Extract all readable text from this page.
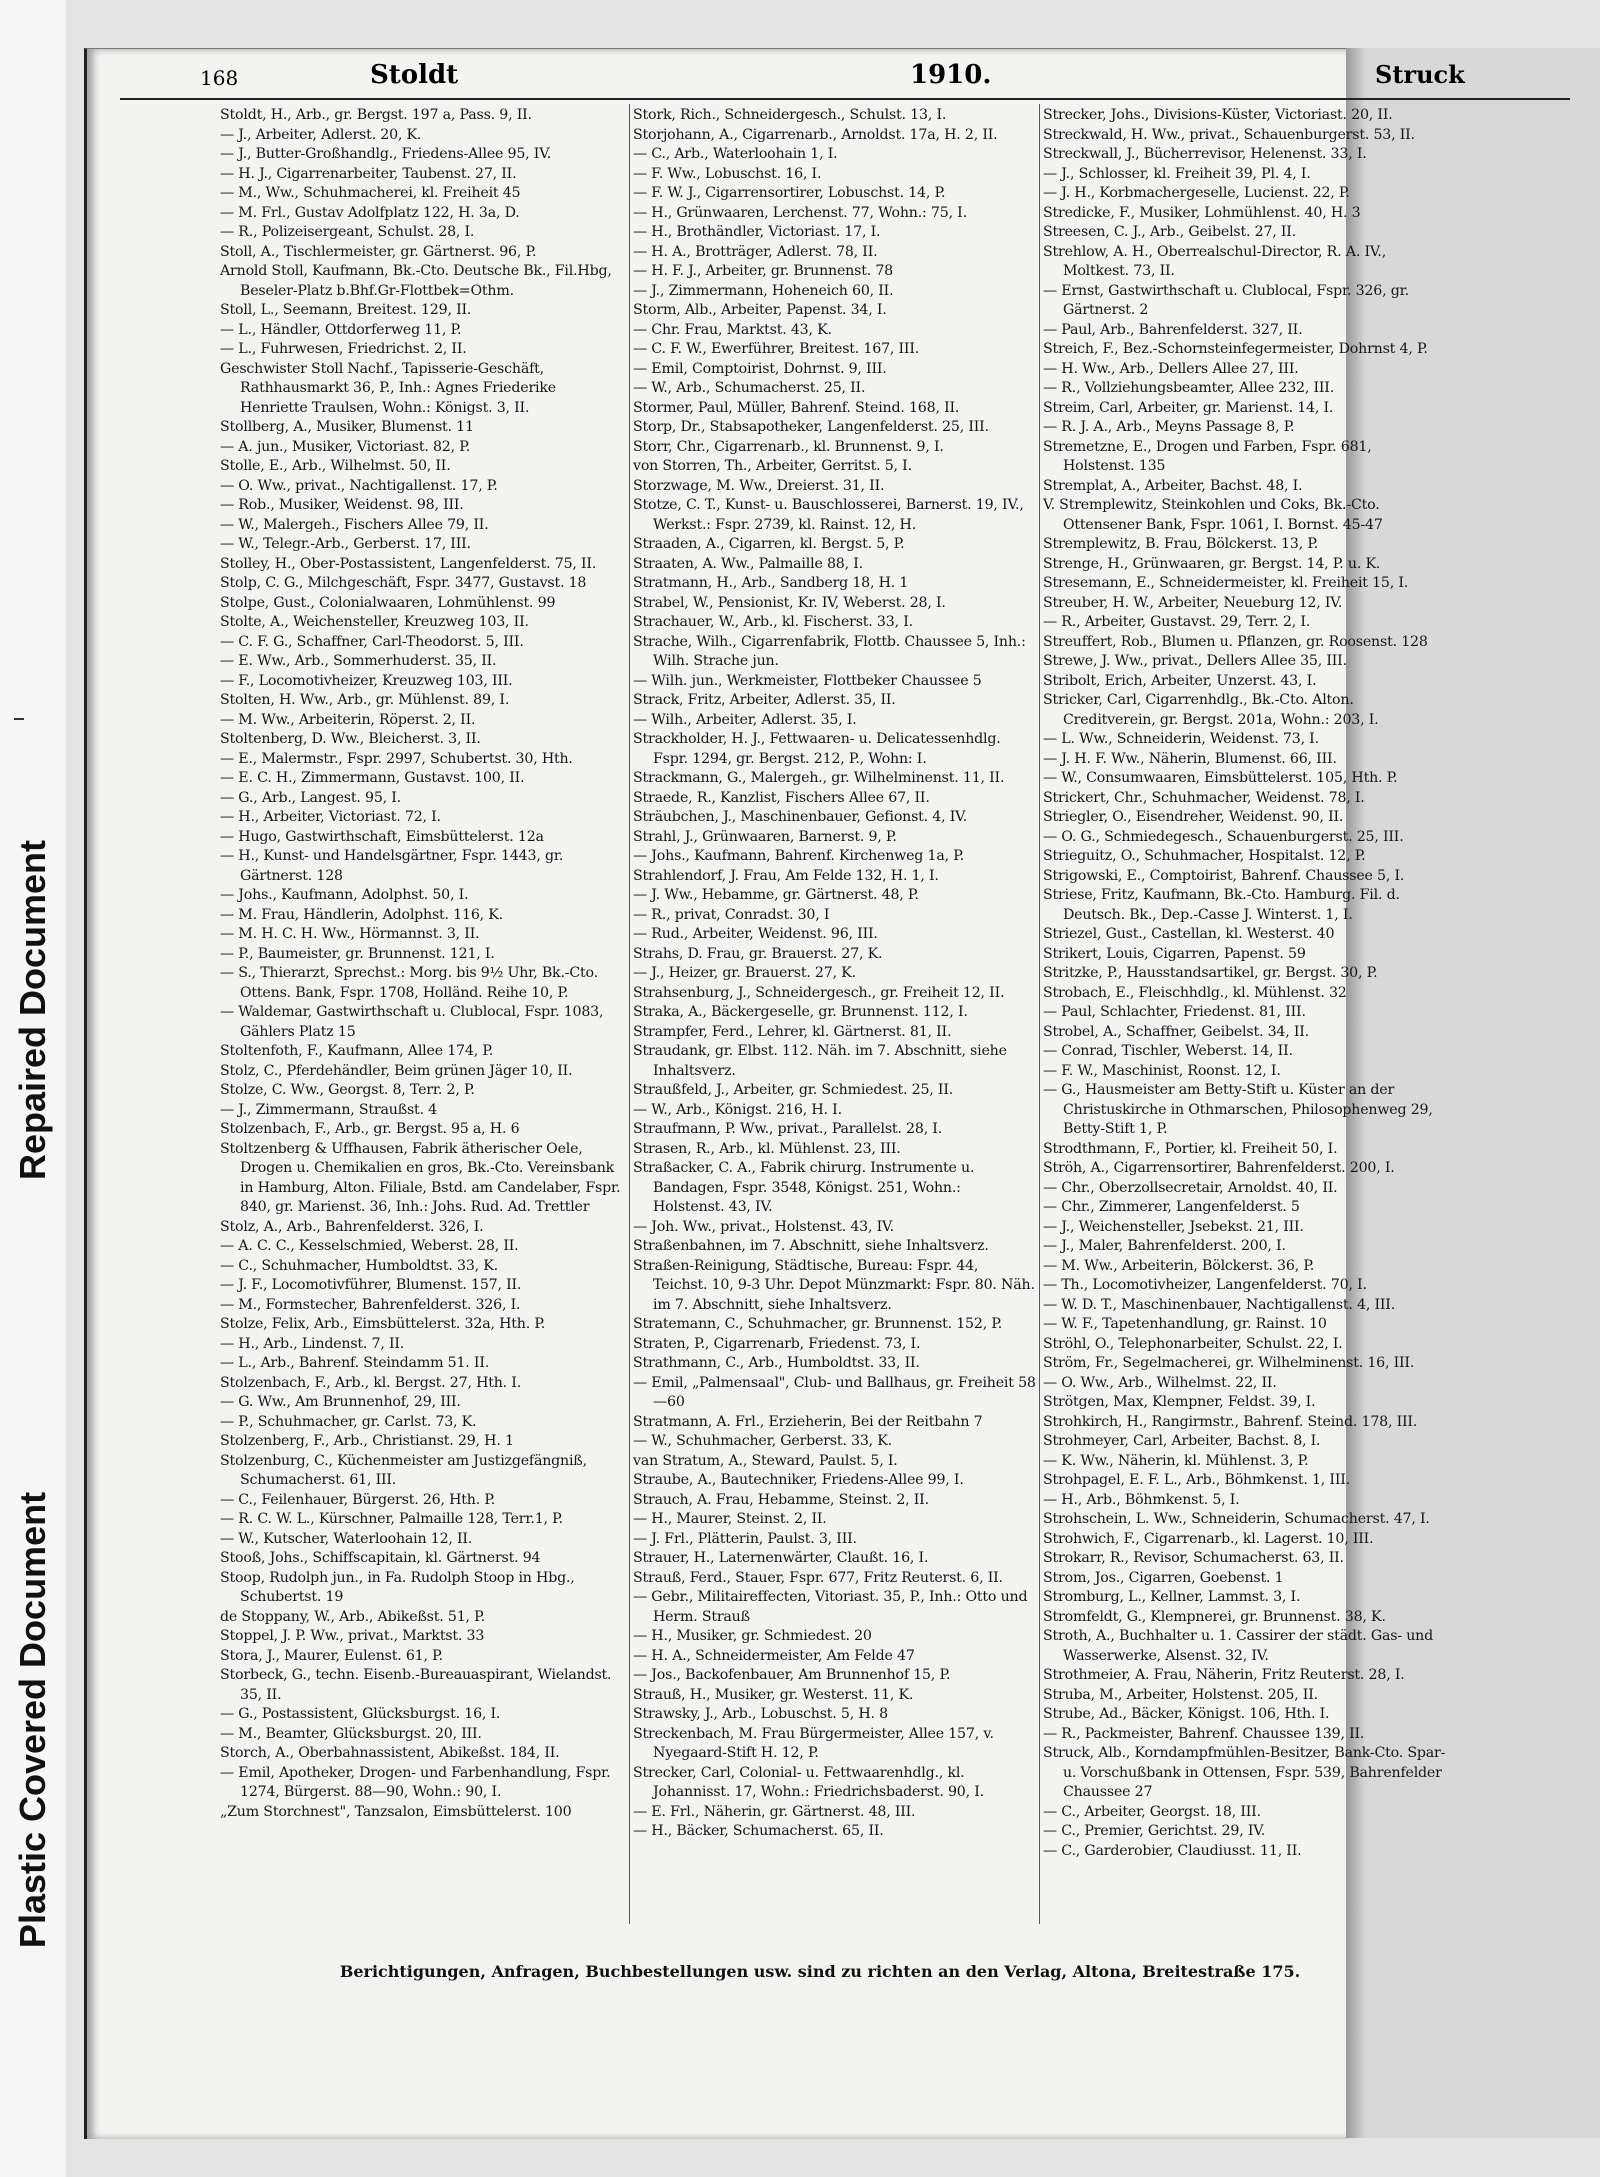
Plastic Covered Document
Repaired Document
168	Stoldt	1910.	Struck
Stoldt, H., Arb., gr. Bergst. 197 a, Pass. 9, II.
— J., Arbeiter, Adlerst. 20, K.
— J., Butter-Großhandlg., Friedens-Allee 95, IV.
— H. J., Cigarrenarbeiter, Taubenst. 27, II.
— M., Ww., Schuhmacherei, kl. Freiheit 45
— M. Frl., Gustav Adolfplatz 122, H. 3a, D.
— R., Polizeisergeant, Schulst. 28, I.
Stoll, A., Tischlermeister, gr. Gärtnerst. 96, P.
Arnold Stoll, Kaufmann, Bk.-Cto. Deutsche Bk., Fil.Hbg, Beseler-Platz b.Bhf.Gr-Flottbek=Othm.
Stoll, L., Seemann, Breitest. 129, II.
— L., Händler, Ottdorferweg 11, P.
— L., Fuhrwesen, Friedrichst. 2, II.
Geschwister Stoll Nachf., Tapisserie-Geschäft, Rathhausmarkt 36, P., Inh.: Agnes Friederike Henriette Traulsen, Wohn.: Königst. 3, II.
Stollberg, A., Musiker, Blumenst. 11
— A. jun., Musiker, Victoriast. 82, P.
Stolle, E., Arb., Wilhelmst. 50, II.
— O. Ww., privat., Nachtigallenst. 17, P.
— Rob., Musiker, Weidenst. 98, III.
— W., Malergeh., Fischers Allee 79, II.
— W., Telegr.-Arb., Gerberst. 17, III.
Stolley, H., Ober-Postassistent, Langenfelderst. 75, II.
Stolp, C. G., Milchgeschäft, Fspr. 3477, Gustavst. 18
Stolpe, Gust., Colonialwaaren, Lohmühlenst. 99
Stolte, A., Weichensteller, Kreuzweg 103, II.
— C. F. G., Schaffner, Carl-Theodorst. 5, III.
— E. Ww., Arb., Sommerhuderst. 35, II.
— F., Locomotivheizer, Kreuzweg 103, III.
Stolten, H. Ww., Arb., gr. Mühlenst. 89, I.
— M. Ww., Arbeiterin, Röperst. 2, II.
Stoltenberg, D. Ww., Bleicherst. 3, II.
— E., Malermstr., Fspr. 2997, Schubertst. 30, Hth.
— E. C. H., Zimmermann, Gustavst. 100, II.
— G., Arb., Langest. 95, I.
— H., Arbeiter, Victoriast. 72, I.
— Hugo, Gastwirthschaft, Eimsbüttelerst. 12a
— H., Kunst- und Handelsgärtner, Fspr. 1443, gr. Gärtnerst. 128
— Johs., Kaufmann, Adolphst. 50, I.
— M. Frau, Händlerin, Adolphst. 116, K.
— M. H. C. H. Ww., Hörmannst. 3, II.
— P., Baumeister, gr. Brunnenst. 121, I.
— S., Thierarzt, Sprechst.: Morg. bis 9½ Uhr, Bk.-Cto. Ottens. Bank, Fspr. 1708, Holländ. Reihe 10, P.
— Waldemar, Gastwirthschaft u. Clublocal, Fspr. 1083, Gählers Platz 15
Stoltenfoth, F., Kaufmann, Allee 174, P.
Stolz, C., Pferdehändler, Beim grünen Jäger 10, II.
Stolze, C. Ww., Georgst. 8, Terr. 2, P.
— J., Zimmermann, Straußst. 4
Stolzenbach, F., Arb., gr. Bergst. 95 a, H. 6
Stoltzenberg & Uffhausen, Fabrik ätherischer Oele, Drogen u. Chemikalien en gros, Bk.-Cto. Vereinsbank in Hamburg, Alton. Filiale, Bstd. am Candelaber, Fspr. 840, gr. Marienst. 36, Inh.: Johs. Rud. Ad. Trettler
Stolz, A., Arb., Bahrenfelderst. 326, I.
— A. C. C., Kesselschmied, Weberst. 28, II.
— C., Schuhmacher, Humboldtst. 33, K.
— J. F., Locomotivführer, Blumenst. 157, II.
— M., Formstecher, Bahrenfelderst. 326, I.
Stolze, Felix, Arb., Eimsbüttelerst. 32a, Hth. P.
— H., Arb., Lindenst. 7, II.
— L., Arb., Bahrenf. Steindamm 51. II.
Stolzenbach, F., Arb., kl. Bergst. 27, Hth. I.
— G. Ww., Am Brunnenhof, 29, III.
— P., Schuhmacher, gr. Carlst. 73, K.
Stolzenberg, F., Arb., Christianst. 29, H. 1
Stolzenburg, C., Küchenmeister am Justizgefängniß, Schumacherst. 61, III.
— C., Feilenhauer, Bürgerst. 26, Hth. P.
— R. C. W. L., Kürschner, Palmaille 128, Terr.1, P.
— W., Kutscher, Waterloohain 12, II.
Stooß, Johs., Schiffscapitain, kl. Gärtnerst. 94
Stoop, Rudolph jun., in Fa. Rudolph Stoop in Hbg., Schubertst. 19
de Stoppany, W., Arb., Abikeßst. 51, P.
Stoppel, J. P. Ww., privat., Marktst. 33
Stora, J., Maurer, Eulenst. 61, P.
Storbeck, G., techn. Eisenb.-Bureauaspirant, Wielandst. 35, II.
— G., Postassistent, Glücksburgst. 16, I.
— M., Beamter, Glücksburgst. 20, III.
Storch, A., Oberbahnassistent, Abikeßst. 184, II.
— Emil, Apotheker, Drogen- und Farbenhandlung, Fspr. 1274, Bürgerst. 88—90, Wohn.: 90, I.
„Zum Storchnest", Tanzsalon, Eimsbüttelerst. 100
Stork, Rich., Schneidergesch., Schulst. 13, I.
Storjohann, A., Cigarrenarb., Arnoldst. 17a, H. 2, II.
— C., Arb., Waterloohain 1, I.
— F. Ww., Lobuschst. 16, I.
— F. W. J., Cigarrensortirer, Lobuschst. 14, P.
— H., Grünwaaren, Lerchenst. 77, Wohn.: 75, I.
— H., Brothändler, Victoriast. 17, I.
— H. A., Brotträger, Adlerst. 78, II.
— H. F. J., Arbeiter, gr. Brunnenst. 78
— J., Zimmermann, Hoheneich 60, II.
Storm, Alb., Arbeiter, Papenst. 34, I.
— Chr. Frau, Marktst. 43, K.
— C. F. W., Ewerführer, Breitest. 167, III.
— Emil, Comptoirist, Dohrnst. 9, III.
— W., Arb., Schumacherst. 25, II.
Stormer, Paul, Müller, Bahrenf. Steind. 168, II.
Storp, Dr., Stabsapotheker, Langenfelderst. 25, III.
Storr, Chr., Cigarrenarb., kl. Brunnenst. 9, I.
von Storren, Th., Arbeiter, Gerritst. 5, I.
Storzwage, M. Ww., Dreierst. 31, II.
Stotze, C. T., Kunst- u. Bauschlosserei, Barnerst. 19, IV., Werkst.: Fspr. 2739, kl. Rainst. 12, H.
Straaden, A., Cigarren, kl. Bergst. 5, P.
Straaten, A. Ww., Palmaille 88, I.
Stratmann, H., Arb., Sandberg 18, H. 1
Strabel, W., Pensionist, Kr. IV, Weberst. 28, I.
Strachauer, W., Arb., kl. Fischerst. 33, I.
Strache, Wilh., Cigarrenfabrik, Flottb. Chaussee 5, Inh.: Wilh. Strache jun.
— Wilh. jun., Werkmeister, Flottbeker Chaussee 5
Strack, Fritz, Arbeiter, Adlerst. 35, II.
— Wilh., Arbeiter, Adlerst. 35, I.
Strackholder, H. J., Fettwaaren- u. Delicatessenhdlg. Fspr. 1294, gr. Bergst. 212, P., Wohn: I.
Strackmann, G., Malergeh., gr. Wilhelminenst. 11, II.
Straede, R., Kanzlist, Fischers Allee 67, II.
Sträubchen, J., Maschinenbauer, Gefionst. 4, IV.
Strahl, J., Grünwaaren, Barnerst. 9, P.
— Johs., Kaufmann, Bahrenf. Kirchenweg 1a, P.
Strahlendorf, J. Frau, Am Felde 132, H. 1, I.
— J. Ww., Hebamme, gr. Gärtnerst. 48, P.
— R., privat, Conradst. 30, I
— Rud., Arbeiter, Weidenst. 96, III.
Strahs, D. Frau, gr. Brauerst. 27, K.
— J., Heizer, gr. Brauerst. 27, K.
Strahsenburg, J., Schneidergesch., gr. Freiheit 12, II.
Straka, A., Bäckergeselle, gr. Brunnenst. 112, I.
Strampfer, Ferd., Lehrer, kl. Gärtnerst. 81, II.
Straudank, gr. Elbst. 112. Näh. im 7. Abschnitt, siehe Inhaltsverz.
Straußfeld, J., Arbeiter, gr. Schmiedest. 25, II.
— W., Arb., Königst. 216, H. I.
Straufmann, P. Ww., privat., Parallelst. 28, I.
Strasen, R., Arb., kl. Mühlenst. 23, III.
Straßacker, C. A., Fabrik chirurg. Instrumente u. Bandagen, Fspr. 3548, Königst. 251, Wohn.: Holstenst. 43, IV.
— Joh. Ww., privat., Holstenst. 43, IV.
Straßenbahnen, im 7. Abschnitt, siehe Inhaltsverz.
Straßen-Reinigung, Städtische, Bureau: Fspr. 44, Teichst. 10, 9-3 Uhr. Depot Münzmarkt: Fspr. 80. Näh. im 7. Abschnitt, siehe Inhaltsverz.
Stratemann, C., Schuhmacher, gr. Brunnenst. 152, P.
Straten, P., Cigarrenarb, Friedenst. 73, I.
Strathmann, C., Arb., Humboldtst. 33, II.
— Emil, „Palmensaal", Club- und Ballhaus, gr. Freiheit 58—60
Stratmann, A. Frl., Erzieherin, Bei der Reitbahn 7
— W., Schuhmacher, Gerberst. 33, K.
van Stratum, A., Steward, Paulst. 5, I.
Straube, A., Bautechniker, Friedens-Allee 99, I.
Strauch, A. Frau, Hebamme, Steinst. 2, II.
— H., Maurer, Steinst. 2, II.
— J. Frl., Plätterin, Paulst. 3, III.
Strauer, H., Laternenwärter, Claußt. 16, I.
Strauß, Ferd., Stauer, Fspr. 677, Fritz Reuterst. 6, II.
— Gebr., Militaireffecten, Vitoriast. 35, P., Inh.: Otto und Herm. Strauß
— H., Musiker, gr. Schmiedest. 20
— H. A., Schneidermeister, Am Felde 47
— Jos., Backofenbauer, Am Brunnenhof 15, P.
Strauß, H., Musiker, gr. Westerst. 11, K.
Strawsky, J., Arb., Lobuschst. 5, H. 8
Streckenbach, M. Frau Bürgermeister, Allee 157, v. Nyegaard-Stift H. 12, P.
Strecker, Carl, Colonial- u. Fettwaarenhdlg., kl. Johannisst. 17, Wohn.: Friedrichsbaderst. 90, I.
— E. Frl., Näherin, gr. Gärtnerst. 48, III.
— H., Bäcker, Schumacherst. 65, II.
Strecker, Johs., Divisions-Küster, Victoriast. 20, II.
Streckwald, H. Ww., privat., Schauenburgerst. 53, II.
Streckwall, J., Bücherrevisor, Helenenst. 33, I.
— J., Schlosser, kl. Freiheit 39, Pl. 4, I.
— J. H., Korbmachergeselle, Lucienst. 22, P.
Stredicke, F., Musiker, Lohmühlenst. 40, H. 3
Streesen, C. J., Arb., Geibelst. 27, II.
Strehlow, A. H., Oberrealschul-Director, R. A. IV., Moltkest. 73, II.
— Ernst, Gastwirthschaft u. Clublocal, Fspr. 326, gr. Gärtnerst. 2
— Paul, Arb., Bahrenfelderst. 327, II.
Streich, F., Bez.-Schornsteinfegermeister, Dohrnst 4, P.
— H. Ww., Arb., Dellers Allee 27, III.
— R., Vollziehungsbeamter, Allee 232, III.
Streim, Carl, Arbeiter, gr. Marienst. 14, I.
— R. J. A., Arb., Meyns Passage 8, P.
Stremetzne, E., Drogen und Farben, Fspr. 681, Holstenst. 135
Stremplat, A., Arbeiter, Bachst. 48, I.
V. Stremplewitz, Steinkohlen und Coks, Bk.-Cto. Ottensener Bank, Fspr. 1061, I. Bornst. 45-47
Stremplewitz, B. Frau, Bölckerst. 13, P.
Strenge, H., Grünwaaren, gr. Bergst. 14, P. u. K.
Stresemann, E., Schneidermeister, kl. Freiheit 15, I.
Streuber, H. W., Arbeiter, Neueburg 12, IV.
— R., Arbeiter, Gustavst. 29, Terr. 2, I.
Streuffert, Rob., Blumen u. Pflanzen, gr. Roosenst. 128
Strewe, J. Ww., privat., Dellers Allee 35, III.
Stribolt, Erich, Arbeiter, Unzerst. 43, I.
Stricker, Carl, Cigarrenhdlg., Bk.-Cto. Alton. Creditverein, gr. Bergst. 201a, Wohn.: 203, I.
— L. Ww., Schneiderin, Weidenst. 73, I.
— J. H. F. Ww., Näherin, Blumenst. 66, III.
— W., Consumwaaren, Eimsbüttelerst. 105, Hth. P.
Strickert, Chr., Schuhmacher, Weidenst. 78, I.
Striegler, O., Eisendreher, Weidenst. 90, II.
— O. G., Schmiedegesch., Schauenburgerst. 25, III.
Strieguitz, O., Schuhmacher, Hospitalst. 12, P.
Strigowski, E., Comptoirist, Bahrenf. Chaussee 5, I.
Striese, Fritz, Kaufmann, Bk.-Cto. Hamburg. Fil. d. Deutsch. Bk., Dep.-Casse J. Winterst. 1, I.
Striezel, Gust., Castellan, kl. Westerst. 40
Strikert, Louis, Cigarren, Papenst. 59
Stritzke, P., Hausstandsartikel, gr. Bergst. 30, P.
Strobach, E., Fleischhdlg., kl. Mühlenst. 32
— Paul, Schlachter, Friedenst. 81, III.
Strobel, A., Schaffner, Geibelst. 34, II.
— Conrad, Tischler, Weberst. 14, II.
— F. W., Maschinist, Roonst. 12, I.
— G., Hausmeister am Betty-Stift u. Küster an der Christuskirche in Othmarschen, Philosophenweg 29, Betty-Stift 1, P.
Strodthmann, F., Portier, kl. Freiheit 50, I.
Ströh, A., Cigarrensortirer, Bahrenfelderst. 200, I.
— Chr., Oberzollsecretair, Arnoldst. 40, II.
— Chr., Zimmerer, Langenfelderst. 5
— J., Weichensteller, Jsebekst. 21, III.
— J., Maler, Bahrenfelderst. 200, I.
— M. Ww., Arbeiterin, Bölckerst. 36, P.
— Th., Locomotivheizer, Langenfelderst. 70, I.
— W. D. T., Maschinenbauer, Nachtigallenst. 4, III.
— W. F., Tapetenhandlung, gr. Rainst. 10
Ströhl, O., Telephonarbeiter, Schulst. 22, I.
Ström, Fr., Segelmacherei, gr. Wilhelminenst. 16, III.
— O. Ww., Arb., Wilhelmst. 22, II.
Strötgen, Max, Klempner, Feldst. 39, I.
Strohkirch, H., Rangirmstr., Bahrenf. Steind. 178, III.
Strohmeyer, Carl, Arbeiter, Bachst. 8, I.
— K. Ww., Näherin, kl. Mühlenst. 3, P.
Strohpagel, E. F. L., Arb., Böhmkenst. 1, III.
— H., Arb., Böhmkenst. 5, I.
Strohschein, L. Ww., Schneiderin, Schumacherst. 47, I.
Strohwich, F., Cigarrenarb., kl. Lagerst. 10, III.
Strokarr, R., Revisor, Schumacherst. 63, II.
Strom, Jos., Cigarren, Goebenst. 1
Stromburg, L., Kellner, Lammst. 3, I.
Stromfeldt, G., Klempnerei, gr. Brunnenst. 38, K.
Stroth, A., Buchhalter u. 1. Cassirer der städt. Gas- und Wasserwerke, Alsenst. 32, IV.
Strothmeier, A. Frau, Näherin, Fritz Reuterst. 28, I.
Struba, M., Arbeiter, Holstenst. 205, II.
Strube, Ad., Bäcker, Königst. 106, Hth. I.
— R., Packmeister, Bahrenf. Chaussee 139, II.
Struck, Alb., Korndampfmühlen-Besitzer, Bank-Cto. Spar- u. Vorschußbank in Ottensen, Fspr. 539, Bahrenfelder Chaussee 27
— C., Arbeiter, Georgst. 18, III.
— C., Premier, Gerichtst. 29, IV.
— C., Garderobier, Claudiusst. 11, II.
Berichtigungen, Anfragen, Buchbestellungen usw. sind zu richten an den Verlag, Altona, Breitestraße 175.
